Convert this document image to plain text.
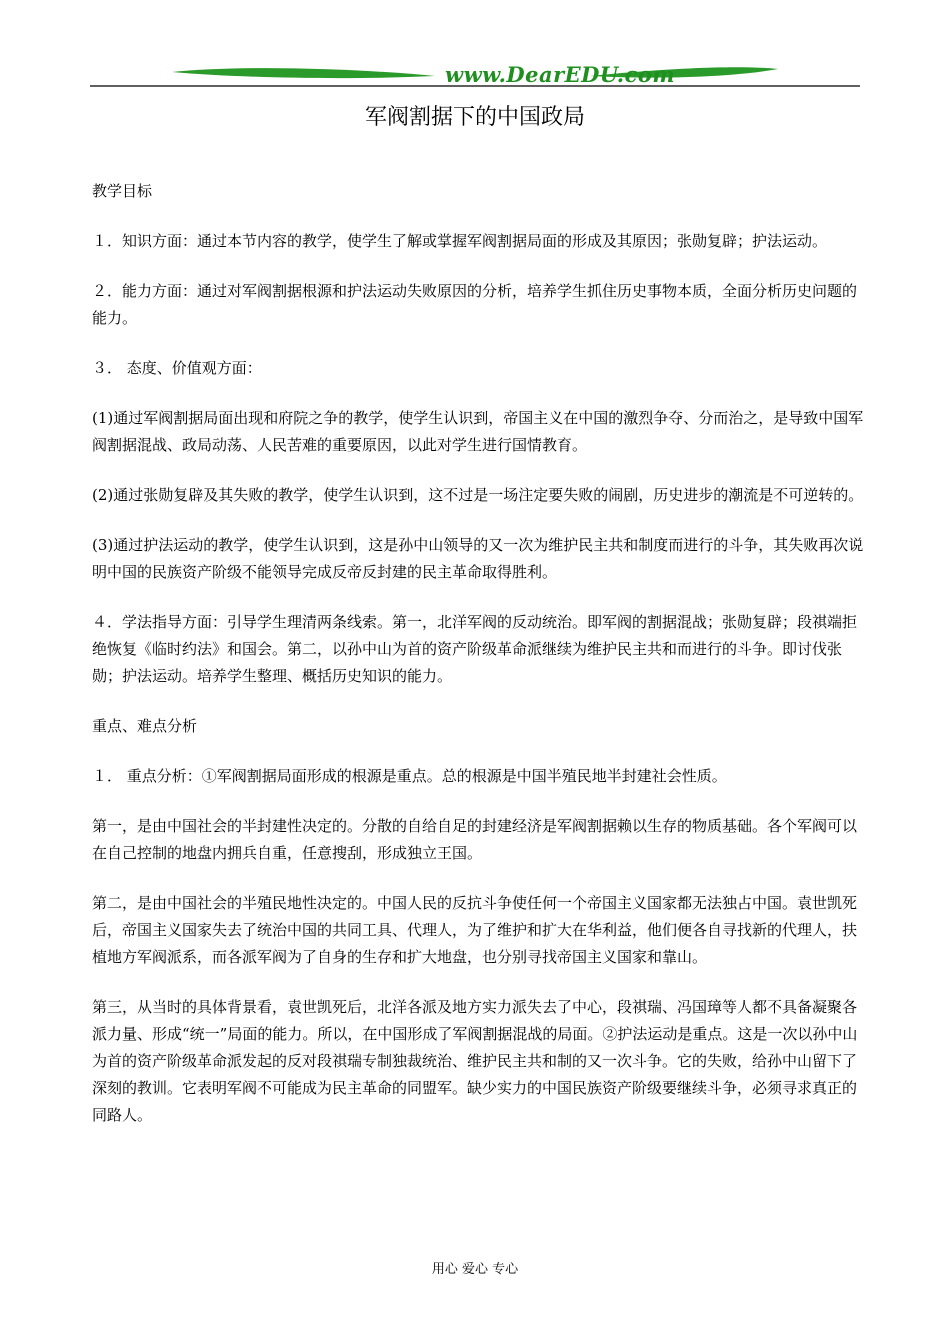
www.DearEDU.com
军阀割据下的中国政局

教学目标

１．知识方面：通过本节内容的教学，使学生了解或掌握军阀割据局面的形成及其原因；张勋复辟；护法运动。

２．能力方面：通过对军阀割据根源和护法运动失败原因的分析，培养学生抓住历史事物本质，全面分析历史问题的能力。

３． 态度、价值观方面：

(1)通过军阀割据局面出现和府院之争的教学，使学生认识到，帝国主义在中国的激烈争夺、分而治之，是导致中国军阀割据混战、政局动荡、人民苦难的重要原因，以此对学生进行国情教育。

(2)通过张勋复辟及其失败的教学，使学生认识到，这不过是一场注定要失败的闹剧，历史进步的潮流是不可逆转的。

(3)通过护法运动的教学，使学生认识到，这是孙中山领导的又一次为维护民主共和制度而进行的斗争，其失败再次说明中国的民族资产阶级不能领导完成反帝反封建的民主革命取得胜利。

４．学法指导方面：引导学生理清两条线索。第一，北洋军阀的反动统治。即军阀的割据混战；张勋复辟；段祺端拒绝恢复《临时约法》和国会。第二，以孙中山为首的资产阶级革命派继续为维护民主共和而进行的斗争。即讨伐张勋；护法运动。培养学生整理、概括历史知识的能力。

重点、难点分析

１． 重点分析：①军阀割据局面形成的根源是重点。总的根源是中国半殖民地半封建社会性质。

第一，是由中国社会的半封建性决定的。分散的自给自足的封建经济是军阀割据赖以生存的物质基础。各个军阀可以在自己控制的地盘内拥兵自重，任意搜刮，形成独立王国。

第二，是由中国社会的半殖民地性决定的。中国人民的反抗斗争使任何一个帝国主义国家都无法独占中国。袁世凯死后，帝国主义国家失去了统治中国的共同工具、代理人，为了维护和扩大在华利益，他们便各自寻找新的代理人，扶植地方军阀派系，而各派军阀为了自身的生存和扩大地盘，也分别寻找帝国主义国家和靠山。

第三，从当时的具体背景看，袁世凯死后，北洋各派及地方实力派失去了中心，段祺瑞、冯国璋等人都不具备凝聚各派力量、形成“统一”局面的能力。所以，在中国形成了军阀割据混战的局面。②护法运动是重点。这是一次以孙中山为首的资产阶级革命派发起的反对段祺瑞专制独裁统治、维护民主共和制的又一次斗争。它的失败，给孙中山留下了深刻的教训。它表明军阀不可能成为民主革命的同盟军。缺少实力的中国民族资产阶级要继续斗争，必须寻求真正的同路人。

用心 爱心 专心
